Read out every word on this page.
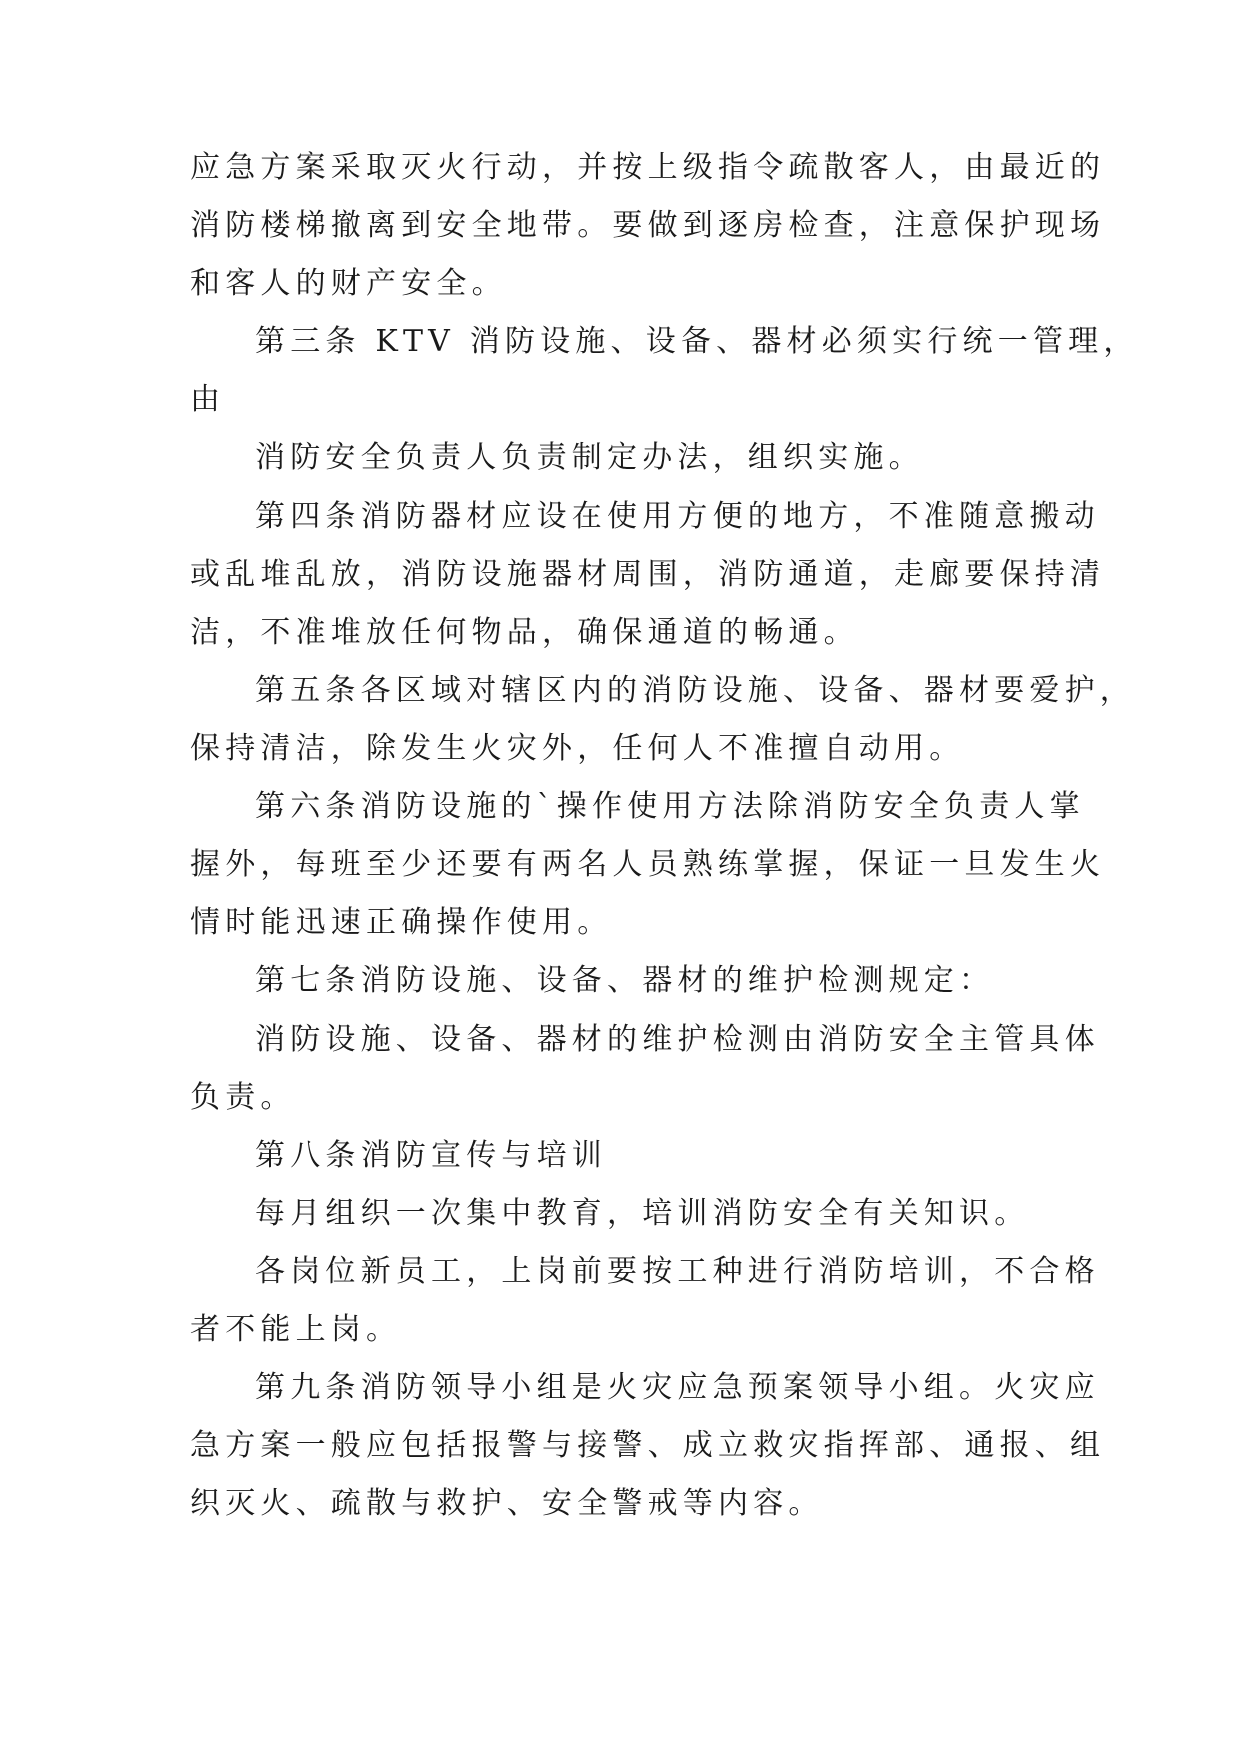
应急方案采取灭火行动，并按上级指令疏散客人，由最近的

消防楼梯撤离到安全地带。要做到逐房检查，注意保护现场

和客人的财产安全。

第三条 KTV 消防设施、设备、器材必须实行统一管理，

由

消防安全负责人负责制定办法，组织实施。

第四条消防器材应设在使用方便的地方，不准随意搬动

或乱堆乱放，消防设施器材周围，消防通道，走廊要保持清

洁，不准堆放任何物品，确保通道的畅通。

第五条各区域对辖区内的消防设施、设备、器材要爱护，

保持清洁，除发生火灾外，任何人不准擅自动用。

第六条消防设施的`操作使用方法除消防安全负责人掌

握外，每班至少还要有两名人员熟练掌握，保证一旦发生火

情时能迅速正确操作使用。

第七条消防设施、设备、器材的维护检测规定：

消防设施、设备、器材的维护检测由消防安全主管具体

负责。

第八条消防宣传与培训

每月组织一次集中教育，培训消防安全有关知识。

各岗位新员工，上岗前要按工种进行消防培训，不合格

者不能上岗。

第九条消防领导小组是火灾应急预案领导小组。火灾应

急方案一般应包括报警与接警、成立救灾指挥部、通报、组

织灭火、疏散与救护、安全警戒等内容。
